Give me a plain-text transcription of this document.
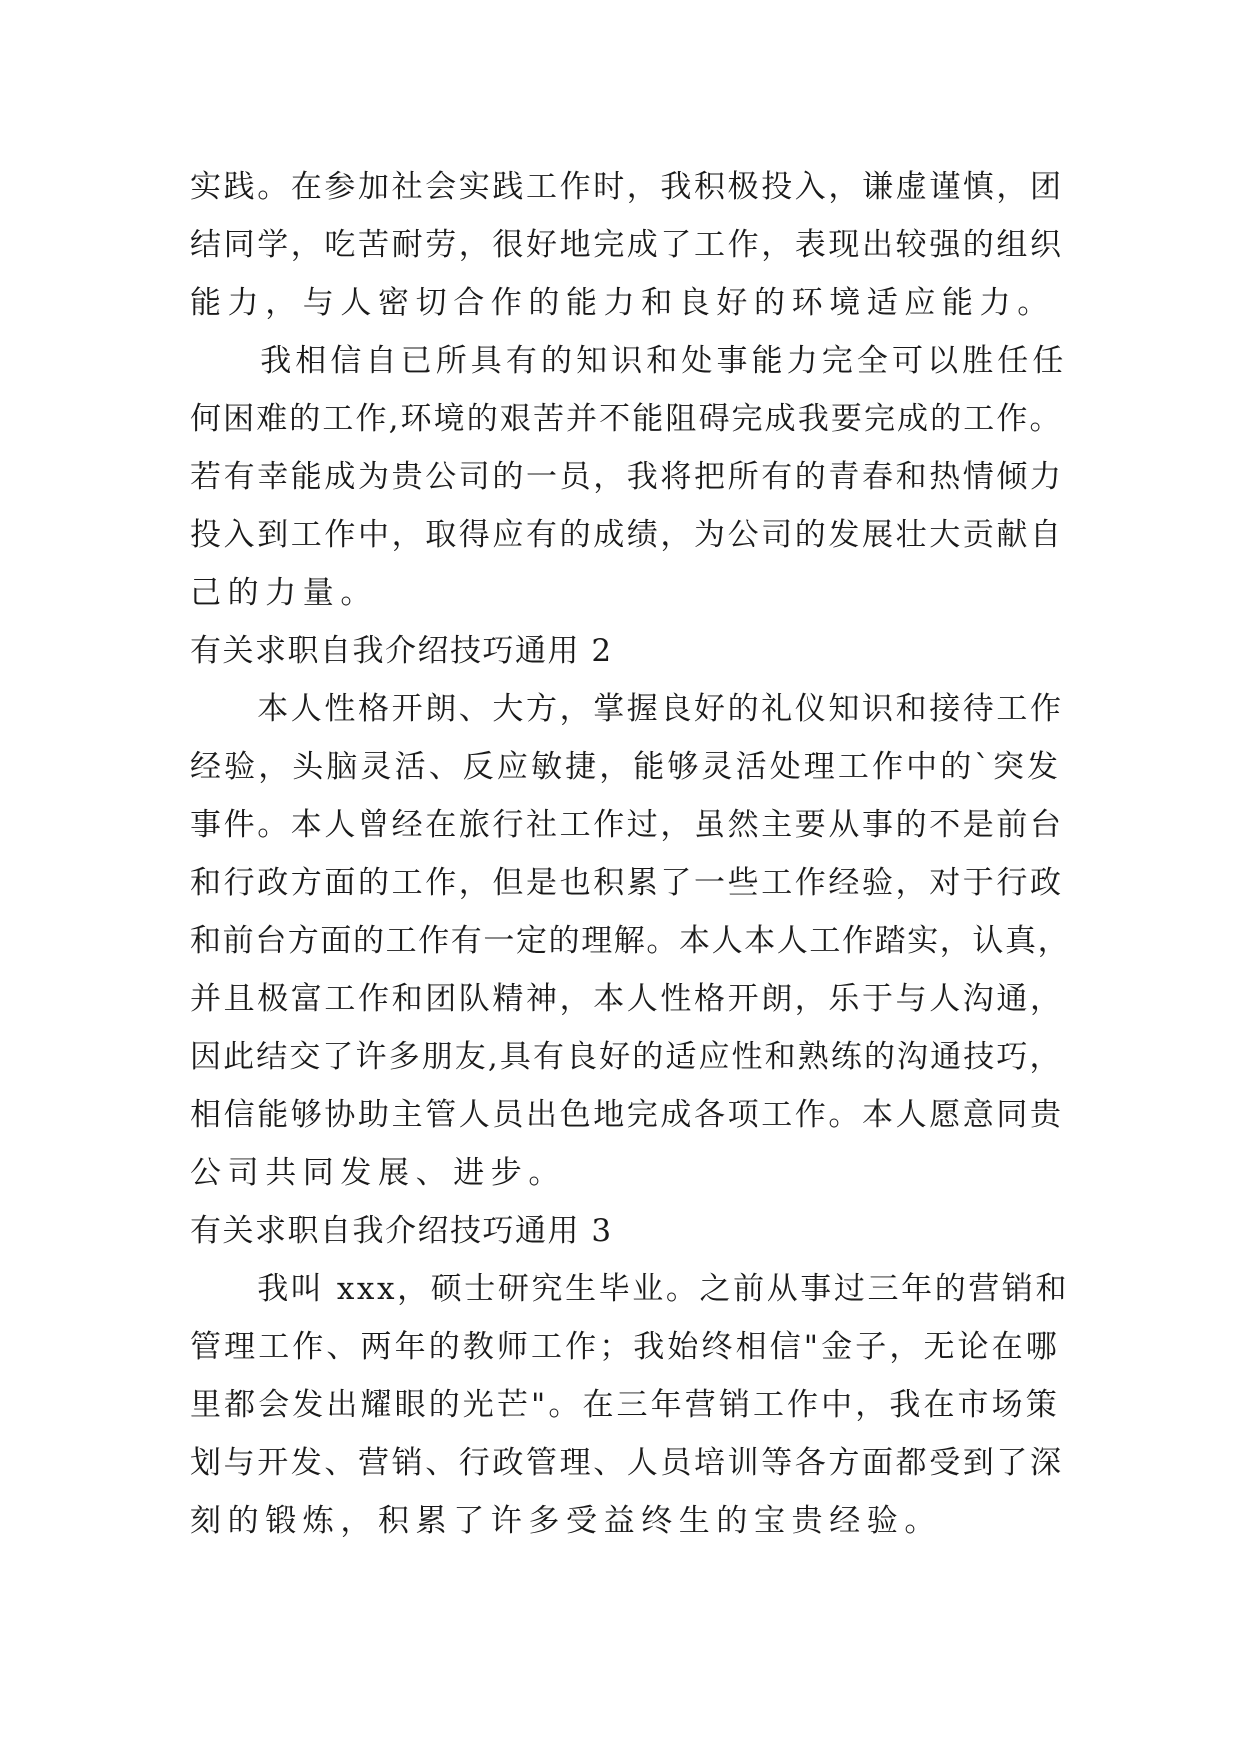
实践。在参加社会实践工作时，我积极投入，谦虚谨慎，团
结同学，吃苦耐劳，很好地完成了工作，表现出较强的组织
能力，与人密切合作的能力和良好的环境适应能力。
　　我相信自已所具有的知识和处事能力完全可以胜任任
何困难的工作,环境的艰苦并不能阻碍完成我要完成的工作。
若有幸能成为贵公司的一员，我将把所有的青春和热情倾力
投入到工作中，取得应有的成绩，为公司的发展壮大贡献自
己的力量。
有关求职自我介绍技巧通用 2
　　本人性格开朗、大方，掌握良好的礼仪知识和接待工作
经验，头脑灵活、反应敏捷，能够灵活处理工作中的`突发
事件。本人曾经在旅行社工作过，虽然主要从事的不是前台
和行政方面的工作，但是也积累了一些工作经验，对于行政
和前台方面的工作有一定的理解。本人本人工作踏实，认真，
并且极富工作和团队精神，本人性格开朗，乐于与人沟通，
因此结交了许多朋友,具有良好的适应性和熟练的沟通技巧，
相信能够协助主管人员出色地完成各项工作。本人愿意同贵
公司共同发展、进步。
有关求职自我介绍技巧通用 3
　　我叫 xxx，硕士研究生毕业。之前从事过三年的营销和
管理工作、两年的教师工作；我始终相信"金子，无论在哪
里都会发出耀眼的光芒"。在三年营销工作中，我在市场策
划与开发、营销、行政管理、人员培训等各方面都受到了深
刻的锻炼，积累了许多受益终生的宝贵经验。
